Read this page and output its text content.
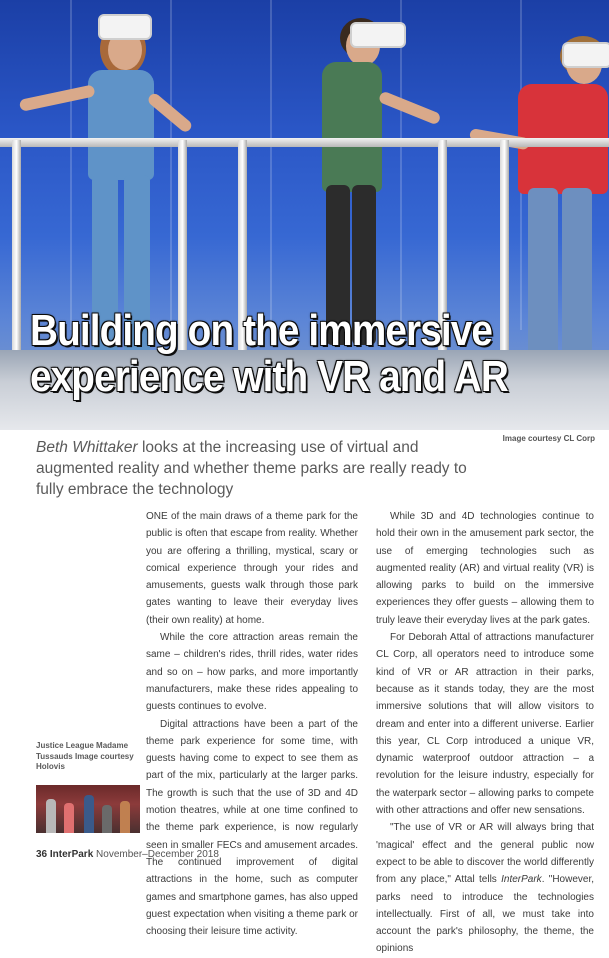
Building on the immersive experience with VR and AR
Image courtesy CL Corp

Beth Whittaker looks at the increasing use of virtual and augmented reality and whether theme parks are really ready to fully embrace the technology

Justice League Madame Tussauds Image courtesy Holovis

ONE of the main draws of a theme park for the public is often that escape from reality. Whether you are offering a thrilling, mystical, scary or comical experience through your rides and amusements, guests walk through those park gates wanting to leave their everyday lives (their own reality) at home.

While the core attraction areas remain the same – children's rides, thrill rides, water rides and so on – how parks, and more importantly manufacturers, make these rides appealing to guests continues to evolve.

Digital attractions have been a part of the theme park experience for some time, with guests having come to expect to see them as part of the mix, particularly at the larger parks. The growth is such that the use of 3D and 4D motion theatres, while at one time confined to the theme park experience, is now regularly seen in smaller FECs and amusement arcades. The continued improvement of digital attractions in the home, such as computer games and smartphone games, has also upped guest expectation when visiting a theme park or choosing their leisure time activity.

While 3D and 4D technologies continue to hold their own in the amusement park sector, the use of emerging technologies such as augmented reality (AR) and virtual reality (VR) is allowing parks to build on the immersive experiences they offer guests – allowing them to truly leave their everyday lives at the park gates.

For Deborah Attal of attractions manufacturer CL Corp, all operators need to introduce some kind of VR or AR attraction in their parks, because as it stands today, they are the most immersive solutions that will allow visitors to dream and enter into a different universe. Earlier this year, CL Corp introduced a unique VR, dynamic waterproof outdoor attraction – a revolution for the leisure industry, especially for the waterpark sector – allowing parks to compete with other attractions and offer new sensations.

"The use of VR or AR will always bring that 'magical' effect and the general public now expect to be able to discover the world differently from any place," Attal tells InterPark. "However, parks need to introduce the technologies intellectually. First of all, we must take into account the park's philosophy, the theme, the opinions

36 InterPark November–December 2018
